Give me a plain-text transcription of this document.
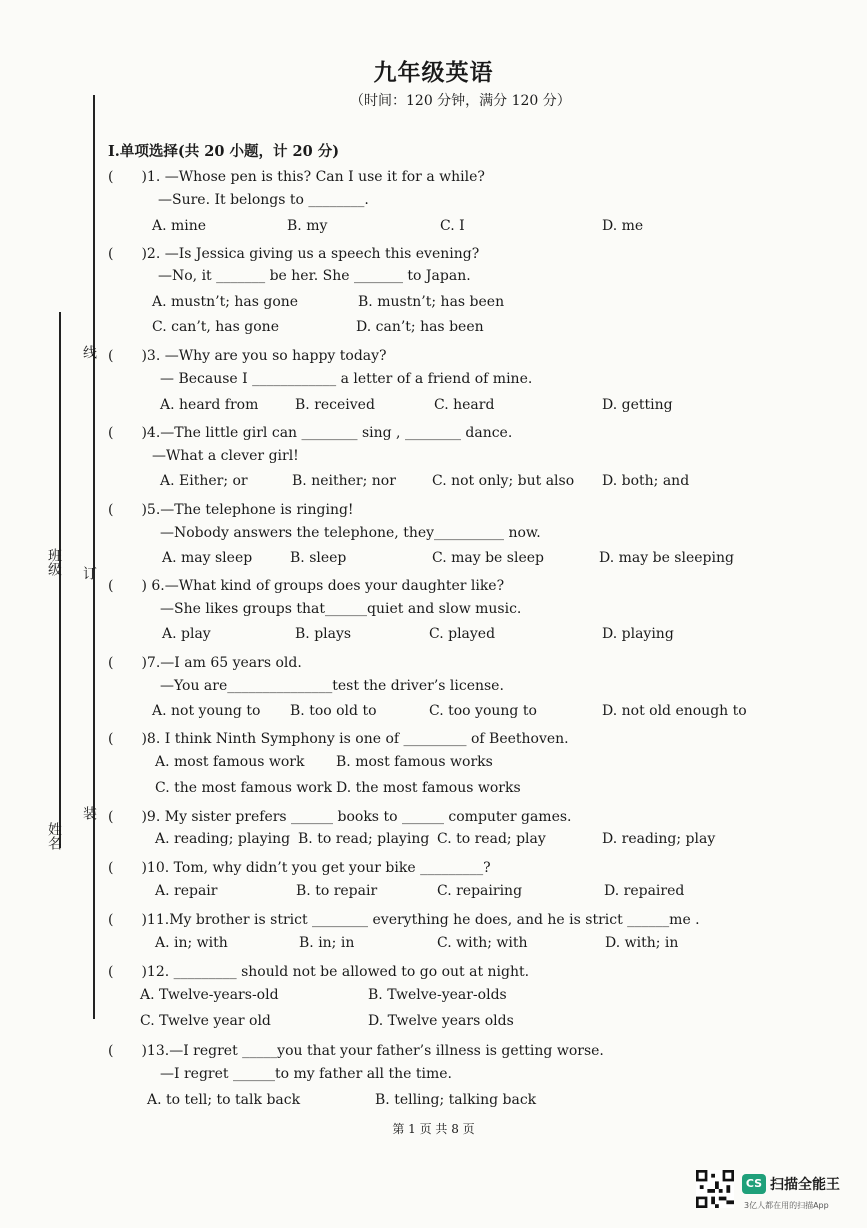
班级
姓名
线
订
装
九年级英语
（时间：120 分钟，满分 120 分）
Ⅰ.单项选择(共 20 小题，计 20 分)
(　　)1. —Whose pen is this? Can I use it for a while?
—Sure. It belongs to ________.
A. mine	B. my	C. I	D. me
(　　)2. —Is Jessica giving us a speech this evening?
—No, it _______ be her. She _______ to Japan.
A. mustn’t; has gone	B. mustn’t; has been
C. can’t, has gone	D. can’t; has been
(　　)3. —Why are you so happy today?
— Because I ____________ a letter of a friend of mine.
A. heard from	B. received	C. heard	D. getting
(　　)4.—The little girl can ________ sing , ________ dance.
—What a clever girl!
A. Either; or	B. neither; nor	C. not only; but also D. both; and
(　　)5.—The telephone is ringing!
—Nobody answers the telephone, they__________ now.
A. may sleep	B. sleep	C. may be sleep	D. may be sleeping
(　　) 6.—What kind of groups does your daughter like?
—She likes groups that______quiet and slow music.
A. play	B. plays	C. played	D. playing
(　　)7.—I am 65 years old.
—You are_______________test the driver’s license.
A. not young to B. too old to	C. too young to	D. not old enough to
(　　)8. I think Ninth Symphony is one of _________ of Beethoven.
A. most famous work B. most famous works
C. the most famous work D. the most famous works
(　　)9. My sister prefers ______ books to ______ computer games.
A. reading; playing B. to read; playing C. to read; play	D. reading; play
(　　)10. Tom, why didn’t you get your bike _________?
A. repair	B. to repair	C. repairing	D. repaired
(　　)11.My brother is strict ________ everything he does, and he is strict ______me .
A. in; with	B. in; in	C. with; with	D. with; in
(　　)12. _________ should not be allowed to go out at night.
A. Twelve-years-old	B. Twelve-year-olds
C. Twelve year old	D. Twelve years olds
(　　)13.—I regret _____you that your father’s illness is getting worse.
—I regret ______to my father all the time.
A. to tell; to talk back	B. telling; talking back
第 1 页 共 8 页
CS 扫描全能王
3亿人都在用的扫描App
